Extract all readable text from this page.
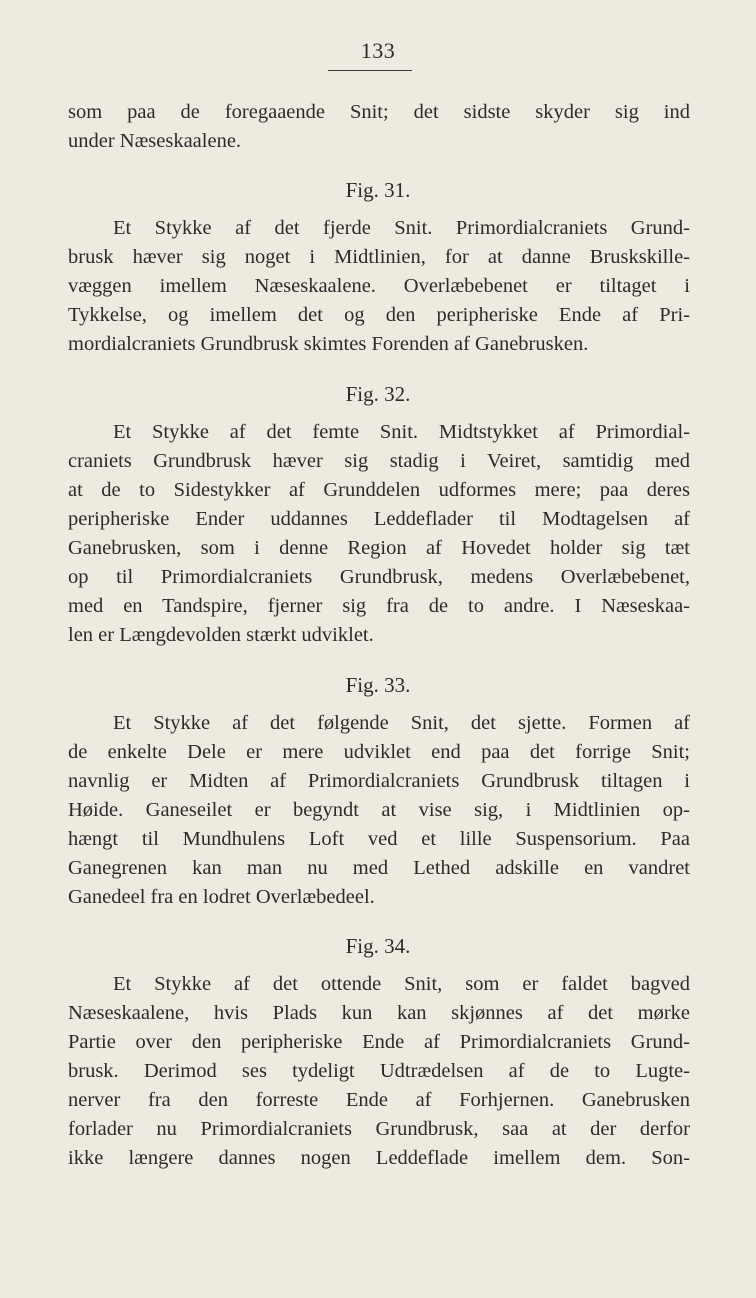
133
som paa de foregaaende Snit; det sidste skyder sig ind
under Næseskaalene.
Fig. 31.
Et Stykke af det fjerde Snit. Primordialcraniets Grund-
brusk hæver sig noget i Midtlinien, for at danne Bruskskille-
væggen imellem Næseskaalene. Overlæbebenet er tiltaget i
Tykkelse, og imellem det og den peripheriske Ende af Pri-
mordialcraniets Grundbrusk skimtes Forenden af Ganebrusken.
Fig. 32.
Et Stykke af det femte Snit. Midtstykket af Primordial-
craniets Grundbrusk hæver sig stadig i Veiret, samtidig med
at de to Sidestykker af Grunddelen udformes mere; paa deres
peripheriske Ender uddannes Leddeflader til Modtagelsen af
Ganebrusken, som i denne Region af Hovedet holder sig tæt
op til Primordialcraniets Grundbrusk, medens Overlæbebenet,
med en Tandspire, fjerner sig fra de to andre. I Næseskaa-
len er Længdevolden stærkt udviklet.
Fig. 33.
Et Stykke af det følgende Snit, det sjette. Formen af
de enkelte Dele er mere udviklet end paa det forrige Snit;
navnlig er Midten af Primordialcraniets Grundbrusk tiltagen i
Høide. Ganeseilet er begyndt at vise sig, i Midtlinien op-
hængt til Mundhulens Loft ved et lille Suspensorium. Paa
Ganegrenen kan man nu med Lethed adskille en vandret
Ganedeel fra en lodret Overlæbedeel.
Fig. 34.
Et Stykke af det ottende Snit, som er faldet bagved
Næseskaalene, hvis Plads kun kan skjønnes af det mørke
Partie over den peripheriske Ende af Primordialcraniets Grund-
brusk. Derimod ses tydeligt Udtrædelsen af de to Lugte-
nerver fra den forreste Ende af Forhjernen. Ganebrusken
forlader nu Primordialcraniets Grundbrusk, saa at der derfor
ikke længere dannes nogen Leddeflade imellem dem. Son-
